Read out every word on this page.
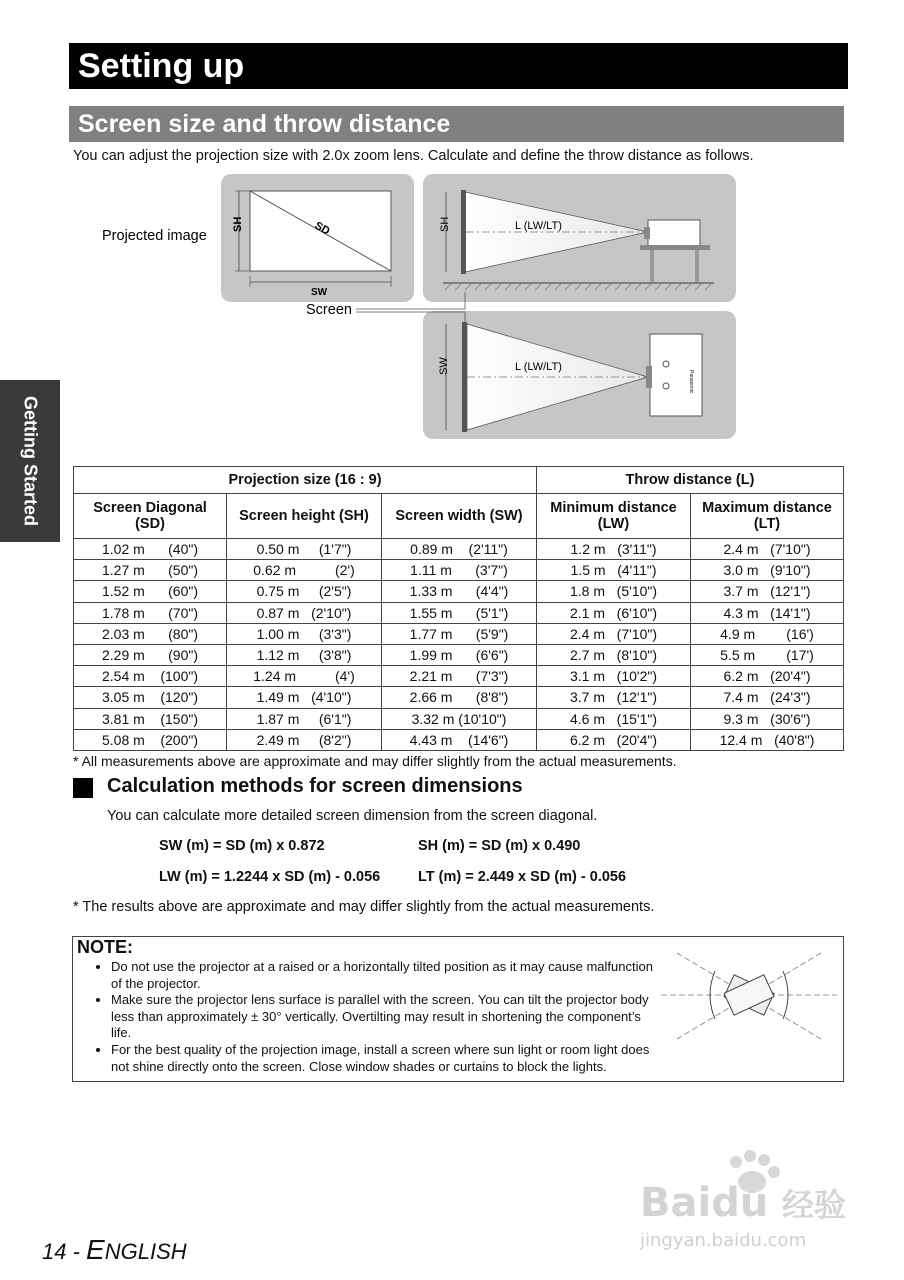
Setting up
Screen size and throw distance
You can adjust the projection size with 2.0x zoom lens. Calculate and define the throw distance as follows.
Getting Started
SH	SD
SW
SH	L (LW/LT)
SW	L (LW/LT)
Panasonic
Projected image
Screen
Projection size (16 : 9)			Throw distance (L)	
Screen Diagonal (SD)	Screen height (SH)	Screen width (SW)	Minimum distance (LW)	Maximum distance (LT)
1.02 m      (40")	0.50 m     (1'7")	0.89 m    (2'11")	1.2 m   (3'11")	2.4 m   (7'10")
1.27 m      (50")	0.62 m          (2')	1.11 m      (3'7")	1.5 m   (4'11")	3.0 m   (9'10")
1.52 m      (60")	0.75 m     (2'5")	1.33 m      (4'4")	1.8 m   (5'10")	3.7 m   (12'1")
1.78 m      (70")	0.87 m   (2'10")	1.55 m      (5'1")	2.1 m   (6'10")	4.3 m   (14'1")
2.03 m      (80")	1.00 m     (3'3")	1.77 m      (5'9")	2.4 m   (7'10")	4.9 m        (16')
2.29 m      (90")	1.12 m     (3'8")	1.99 m      (6'6")	2.7 m   (8'10")	5.5 m        (17')
2.54 m    (100")	1.24 m          (4')	2.21 m      (7'3")	3.1 m   (10'2")	6.2 m   (20'4")
3.05 m    (120")	1.49 m   (4'10")	2.66 m      (8'8")	3.7 m   (12'1")	7.4 m   (24'3")
3.81 m    (150")	1.87 m     (6'1")	3.32 m (10'10")	4.6 m   (15'1")	9.3 m   (30'6")
5.08 m    (200")	2.49 m     (8'2")	4.43 m    (14'6")	6.2 m   (20'4")	12.4 m   (40'8")
* All measurements above are approximate and may differ slightly from the actual measurements.
Calculation methods for screen dimensions
You can calculate more detailed screen dimension from the screen diagonal.
SW (m) = SD (m) x 0.872	SH (m) = SD (m) x 0.490
LW (m) = 1.2244 x SD (m) - 0.056	LT (m) = 2.449 x SD (m) - 0.056
* The results above are approximate and may differ slightly from the actual measurements.
NOTE:
• Do not use the projector at a raised or a horizontally tilted position as it may cause malfunction of the projector.
• Make sure the projector lens surface is parallel with the screen. You can tilt the projector body less than approximately ± 30° vertically. Overtilting may result in shortening the component’s life.
• For the best quality of the projection image, install a screen where sun light or room light does not shine directly onto the screen. Close window shades or curtains to block the lights.
14 - ENGLISH
Baidu 经验
jingyan.baidu.com
